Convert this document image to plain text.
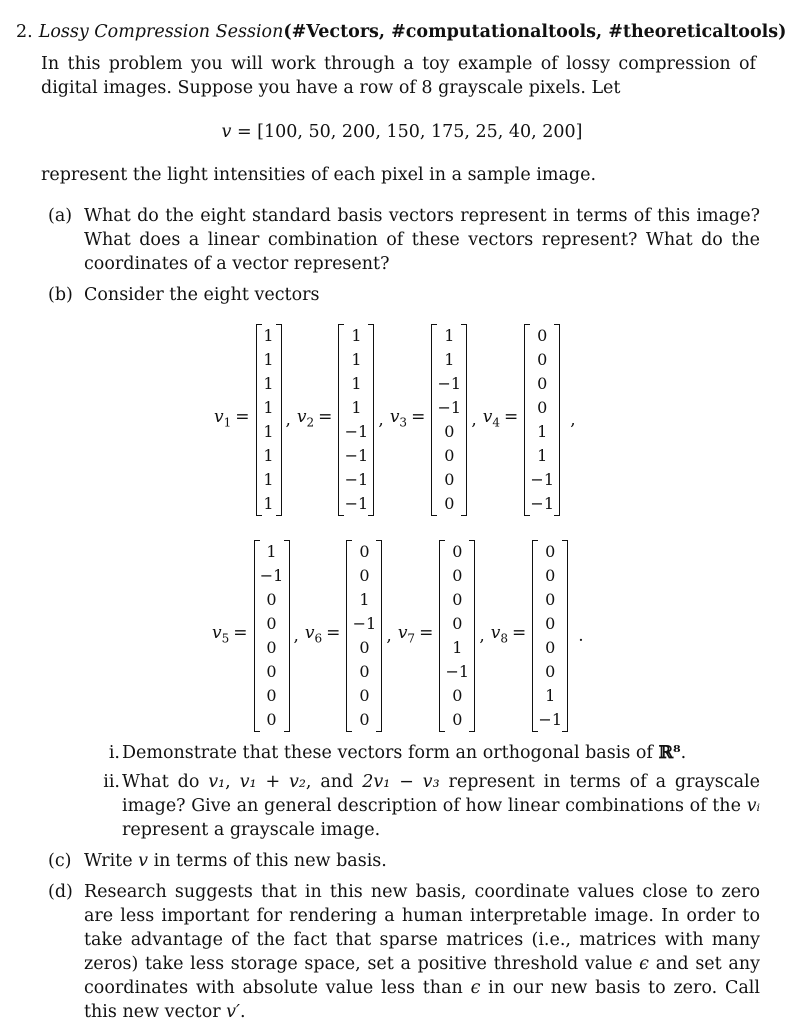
2. Lossy Compression Session(#Vectors, #computationaltools, #theoreticaltools)
In this problem you will work through a toy example of lossy compression of digital images. Suppose you have a row of 8 grayscale pixels. Let
v = [100, 50, 200, 150, 175, 25, 40, 200]
represent the light intensities of each pixel in a sample image.
(a) What do the eight standard basis vectors represent in terms of this image? What does a linear combination of these vectors represent? What do the coordinates of a vector represent?
(b) Consider the eight vectors
$v_1$ =
1
1
1
1
1
1
1
1
, $v_2$ =
1
1
1
1
−1
−1
−1
−1
, $v_3$ =
1
1
−1
−1
0
0
0
0
, $v_4$ =
0
0
0
0
1
1
−1
−1
,
$v_5$ =
1
−1
0
0
0
0
0
0
, $v_6$ =
0
0
1
−1
0
0
0
0
, $v_7$ =
0
0
0
0
1
−1
0
0
, $v_8$ =
0
0
0
0
0
0
1
−1
.
i. Demonstrate that these vectors form an orthogonal basis of ℝ⁸.
ii. What do v₁, v₁ + v₂, and 2v₁ − v₃ represent in terms of a grayscale image? Give an general description of how linear combinations of the vᵢ represent a grayscale image.
(c) Write v in terms of this new basis.
(d) Research suggests that in this new basis, coordinate values close to zero are less important for rendering a human interpretable image. In order to take advantage of the fact that sparse matrices (i.e., matrices with many zeros) take less storage space, set a positive threshold value ϵ and set any coordinates with absolute value less than ϵ in our new basis to zero. Call this new vector v′.
